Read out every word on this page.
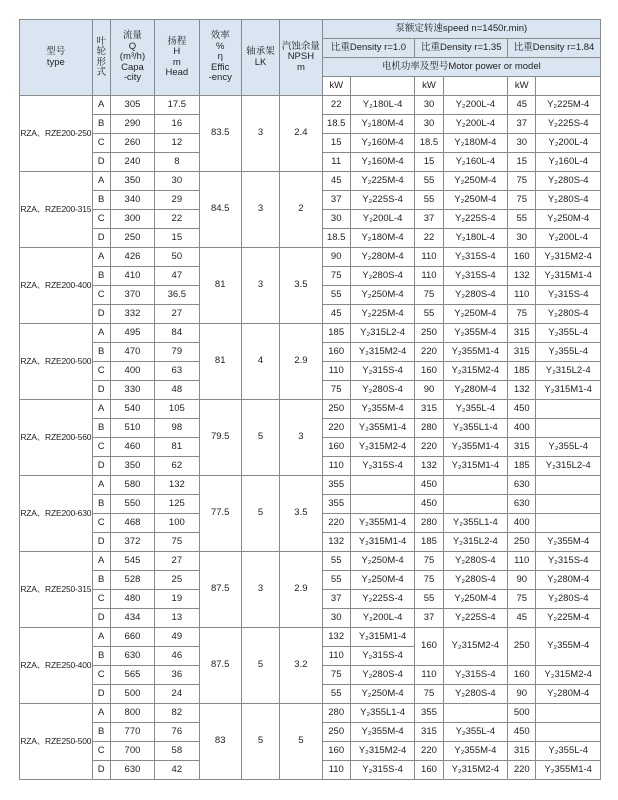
型号
type	叶
轮
形
式	流量
Q
(m³/h)
Capa
-city	扬程
H
m
Head	效率
%
η
Effic
-ency	轴承架
LK	汽蚀余量
NPSH
m	泵额定转速speed n=1450r.min)					
							比重Density r=1.0		比重Density r=1.35		比重Density r=1.84	
							电机功率及型号Motor power or model					
							kW		kW		kW	
RZA、RZE200-250	A	305	17.5	83.5	3	2.4	22	Y₂180L-4	30	Y₂200L-4	45	Y₂225M-4
	B	290	16				18.5	Y₂180M-4	30	Y₂200L-4	37	Y₂225S-4
	C	260	12				15	Y₂160M-4	18.5	Y₂180M-4	30	Y₂200L-4
	D	240	8				11	Y₂160M-4	15	Y₂160L-4	15	Y₂160L-4
RZA、RZE200-315	A	350	30	84.5	3	2	45	Y₂225M-4	55	Y₂250M-4	75	Y₂280S-4
	B	340	29				37	Y₂225S-4	55	Y₂250M-4	75	Y₂280S-4
	C	300	22				30	Y₂200L-4	37	Y₂225S-4	55	Y₂250M-4
	D	250	15				18.5	Y₂180M-4	22	Y₂180L-4	30	Y₂200L-4
RZA、RZE200-400	A	426	50	81	3	3.5	90	Y₂280M-4	110	Y₂315S-4	160	Y₂315M2-4
	B	410	47				75	Y₂280S-4	110	Y₂315S-4	132	Y₂315M1-4
	C	370	36.5				55	Y₂250M-4	75	Y₂280S-4	110	Y₂315S-4
	D	332	27				45	Y₂225M-4	55	Y₂250M-4	75	Y₂280S-4
RZA、RZE200-500	A	495	84	81	4	2.9	185	Y₂315L2-4	250	Y₂355M-4	315	Y₂355L-4
	B	470	79				160	Y₂315M2-4	220	Y₂355M1-4	315	Y₂355L-4
	C	400	63				110	Y₂315S-4	160	Y₂315M2-4	185	Y₂315L2-4
	D	330	48				75	Y₂280S-4	90	Y₂280M-4	132	Y₂315M1-4
RZA、RZE200-560	A	540	105	79.5	5	3	250	Y₂355M-4	315	Y₂355L-4	450	
	B	510	98				220	Y₂355M1-4	280	Y₂355L1-4	400	
	C	460	81				160	Y₂315M2-4	220	Y₂355M1-4	315	Y₂355L-4
	D	350	62				110	Y₂315S-4	132	Y₂315M1-4	185	Y₂315L2-4
RZA、RZE200-630	A	580	132	77.5	5	3.5	355		450		630	
	B	550	125				355		450		630	
	C	468	100				220	Y₂355M1-4	280	Y₂355L1-4	400	
	D	372	75				132	Y₂315M1-4	185	Y₂315L2-4	250	Y₂355M-4
RZA、RZE250-315	A	545	27	87.5	3	2.9	55	Y₂250M-4	75	Y₂280S-4	110	Y₂315S-4
	B	528	25				55	Y₂250M-4	75	Y₂280S-4	90	Y₂280M-4
	C	480	19				37	Y₂225S-4	55	Y₂250M-4	75	Y₂280S-4
	D	434	13				30	Y₂200L-4	37	Y₂225S-4	45	Y₂225M-4
RZA、RZE250-400	A	660	49	87.5	5	3.2	132	Y₂315M1-4	160	Y₂315M2-4	250	Y₂355M-4
	B	630	46				110	Y₂315S-4				
	C	565	36				75	Y₂280S-4	110	Y₂315S-4	160	Y₂315M2-4
	D	500	24				55	Y₂250M-4	75	Y₂280S-4	90	Y₂280M-4
RZA、RZE250-500	A	800	82	83	5	5	280	Y₂355L1-4	355		500	
	B	770	76				250	Y₂355M-4	315	Y₂355L-4	450	
	C	700	58				160	Y₂315M2-4	220	Y₂355M-4	315	Y₂355L-4
	D	630	42				110	Y₂315S-4	160	Y₂315M2-4	220	Y₂355M1-4
